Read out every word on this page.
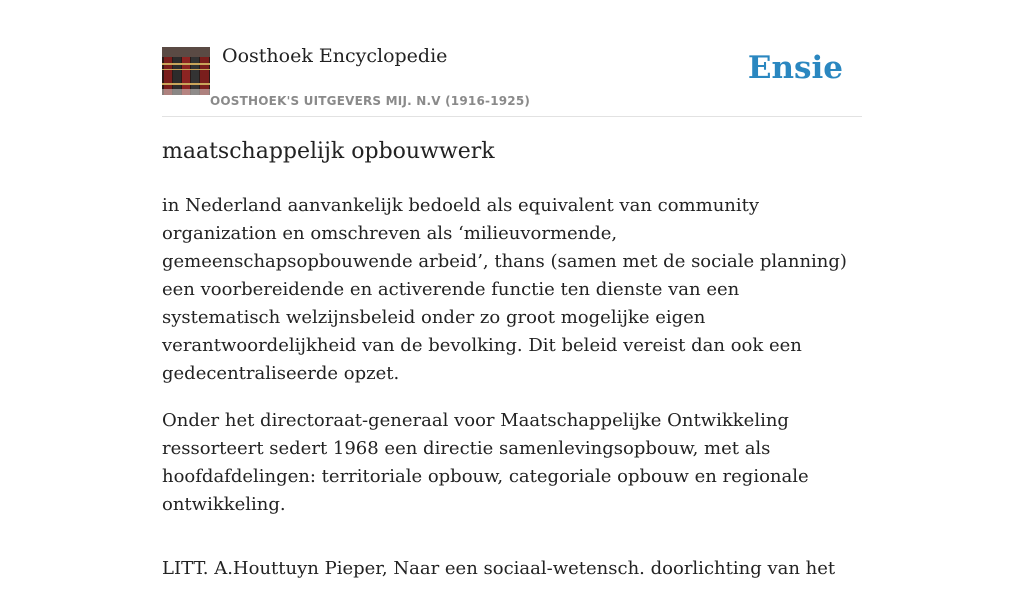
Oosthoek Encyclopedie
OOSTHOEK'S UITGEVERS MIJ. N.V (1916-1925)
Ensie
maatschappelijk opbouwwerk

in Nederland aanvankelijk bedoeld als equivalent van community organization en omschreven als ‘milieuvormende, gemeenschapsopbouwende arbeid’, thans (samen met de sociale planning) een voorbereidende en activerende functie ten dienste van een systematisch welzijnsbeleid onder zo groot mogelijke eigen verantwoordelijkheid van de bevolking. Dit beleid vereist dan ook een gedecentraliseerde opzet.

Onder het directoraat-generaal voor Maatschappelijke Ontwikkeling ressorteert sedert 1968 een directie samenlevingsopbouw, met als hoofdafdelingen: territoriale opbouw, categoriale opbouw en regionale ontwikkeling.

LITT. A.Houttuyn Pieper, Naar een sociaal-wetensch. doorlichting van het
